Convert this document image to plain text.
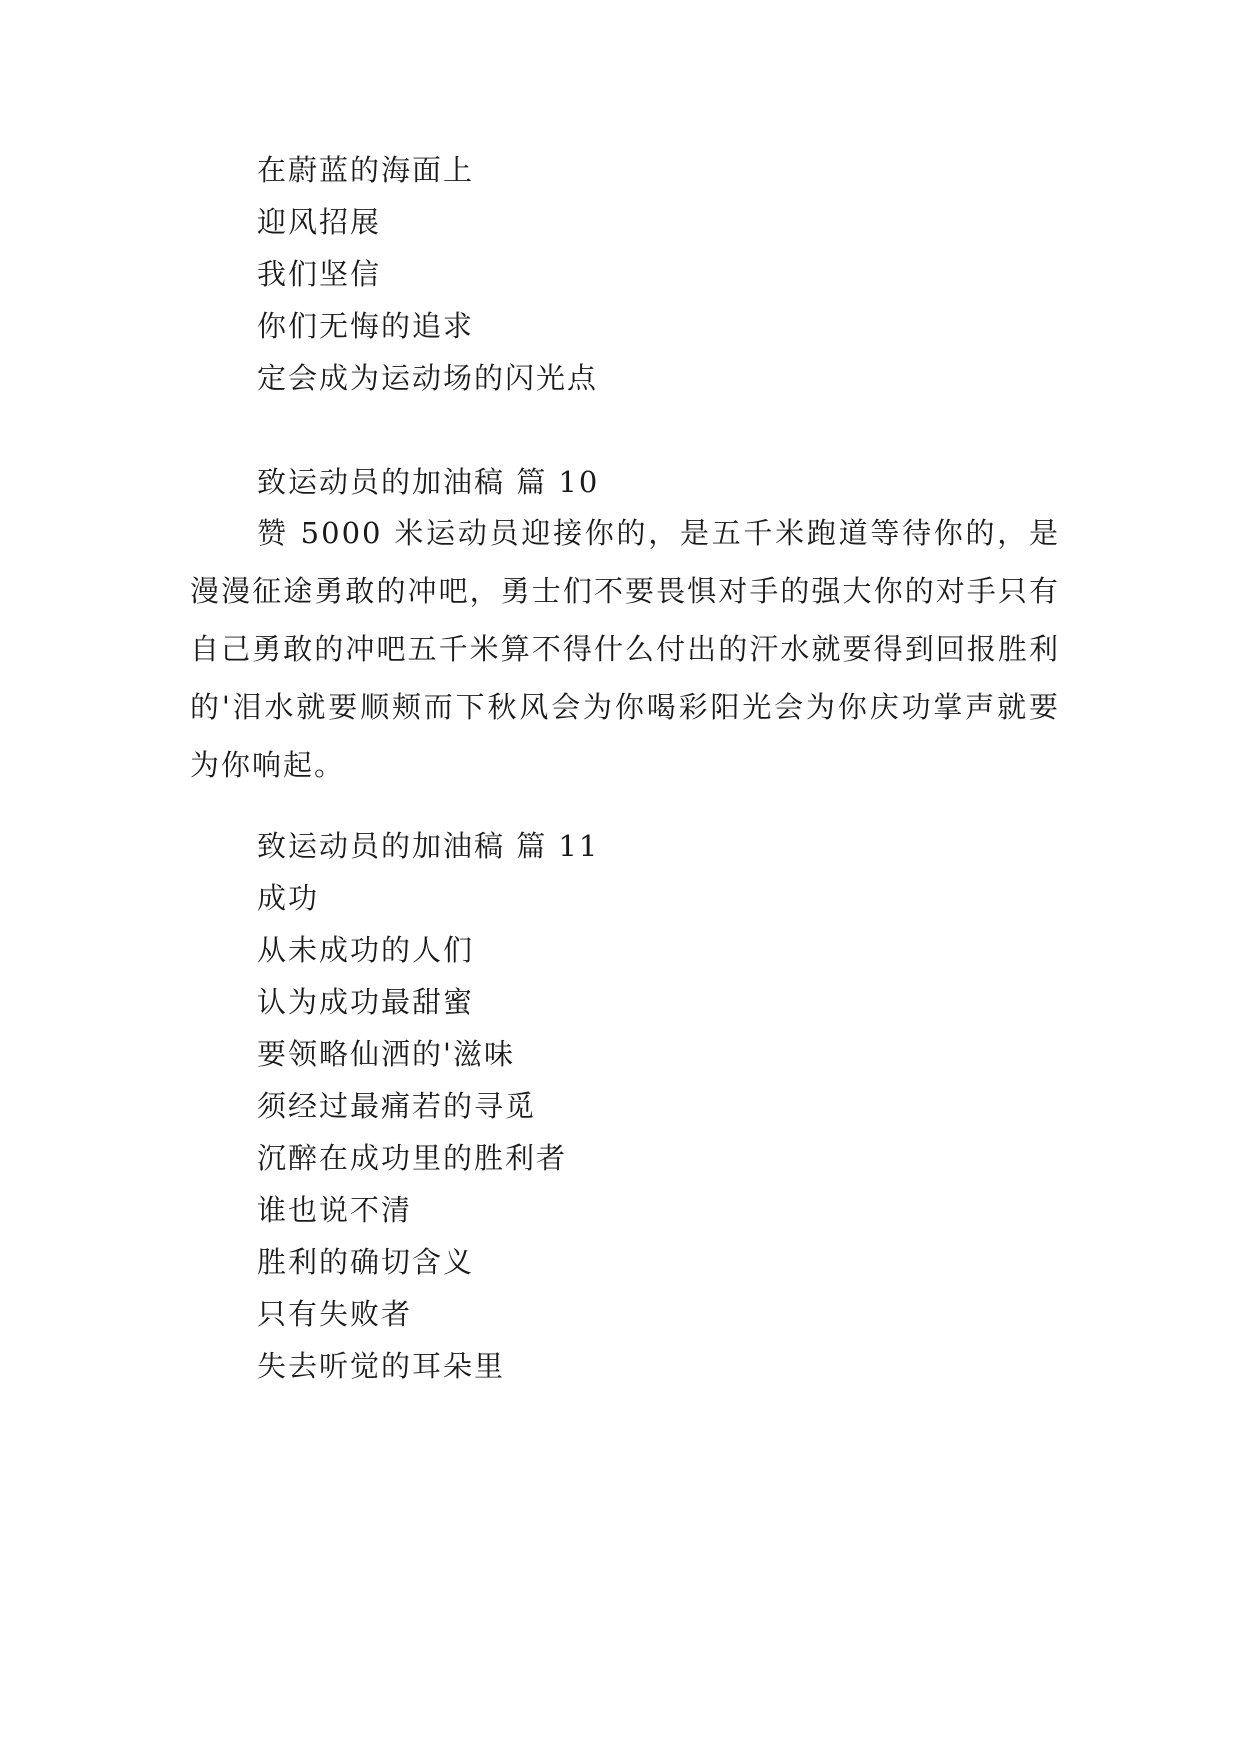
在蔚蓝的海面上
迎风招展
我们坚信
你们无悔的追求
定会成为运动场的闪光点
致运动员的加油稿 篇 10
赞 5000 米运动员迎接你的，是五千米跑道等待你的，是漫漫征途勇敢的冲吧，勇士们不要畏惧对手的强大你的对手只有自己勇敢的冲吧五千米算不得什么付出的汗水就要得到回报胜利的'泪水就要顺颊而下秋风会为你喝彩阳光会为你庆功掌声就要为你响起。
致运动员的加油稿 篇 11
成功
从未成功的人们
认为成功最甜蜜
要领略仙洒的'滋味
须经过最痛若的寻觅
沉醉在成功里的胜利者
谁也说不清
胜利的确切含义
只有失败者
失去听觉的耳朵里
